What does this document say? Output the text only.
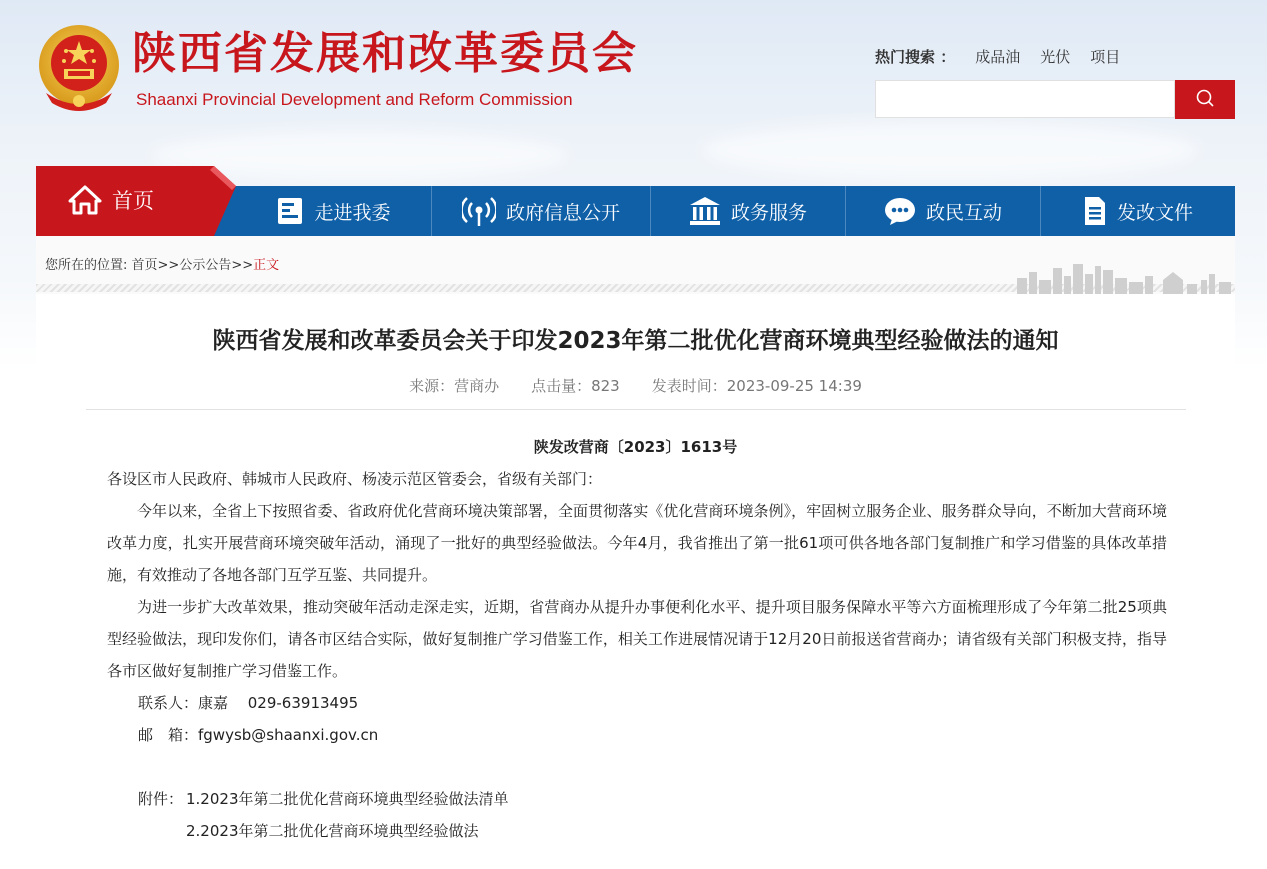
陕西省发展和改革委员会
Shaanxi Provincial Development and Reform Commission
热门搜索 ： 成品油 光伏 项目
首页	走进我委	政府信息公开	政务服务	政民互动	发改文件
您所在的位置: 首页>>公示公告>>正文
陕西省发展和改革委员会关于印发2023年第二批优化营商环境典型经验做法的通知
来源：营商办 点击量：823 发表时间：2023-09-25 14:39
陕发改营商〔2023〕1613号
各设区市人民政府、韩城市人民政府、杨凌示范区管委会，省级有关部门：
今年以来，全省上下按照省委、省政府优化营商环境决策部署，全面贯彻落实《优化营商环境条例》，牢固树立服务企业、服务群众导向，不断加大营商环境改革力度，扎实开展营商环境突破年活动，涌现了一批好的典型经验做法。今年4月，我省推出了第一批61项可供各地各部门复制推广和学习借鉴的具体改革措施，有效推动了各地各部门互学互鉴、共同提升。
为进一步扩大改革效果，推动突破年活动走深走实，近期，省营商办从提升办事便利化水平、提升项目服务保障水平等六方面梳理形成了今年第二批25项典型经验做法，现印发你们，请各市区结合实际，做好复制推广学习借鉴工作，相关工作进展情况请于12月20日前报送省营商办；请省级有关部门积极支持，指导各市区做好复制推广学习借鉴工作。
联系人：康嘉　 029-63913495
邮　箱：fgwysb@shaanxi.gov.cn
附件： 1.2023年第二批优化营商环境典型经验做法清单
2.2023年第二批优化营商环境典型经验做法
